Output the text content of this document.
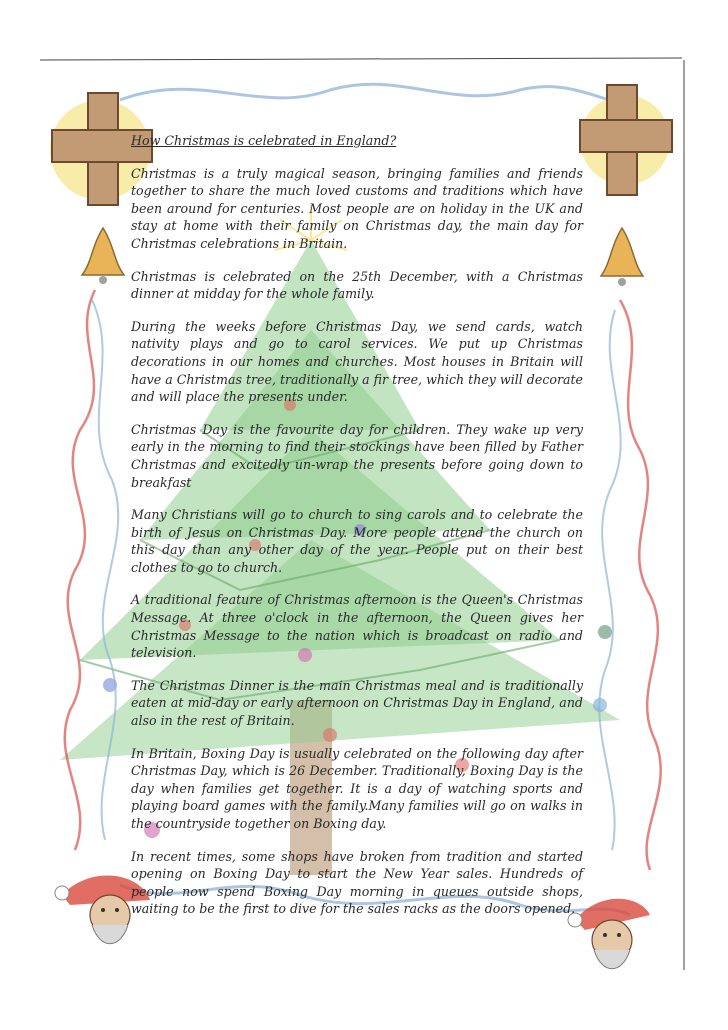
How Christmas is celebrated in England?

Christmas is a truly magical season, bringing families and friends together to share the much loved customs and traditions which have been around for centuries. Most people are on holiday in the UK and stay at home with their family on Christmas day, the main day for Christmas celebrations in Britain.

Christmas is celebrated on the 25th December, with a Christmas dinner at midday for the whole family.

During the weeks before Christmas Day, we send cards, watch nativity plays and go to carol services. We put up Christmas decorations in our homes and churches. Most houses in Britain will have a Christmas tree, traditionally a fir tree, which they will decorate and will place the presents under.

Christmas Day is the favourite day for children. They wake up very early in the morning to find their stockings have been filled by Father Christmas and excitedly un-wrap the presents before going down to breakfast

Many Christians will go to church to sing carols and to celebrate the birth of Jesus on Christmas Day. More people attend the church on this day than any other day of the year. People put on their best clothes to go to church.

A traditional feature of Christmas afternoon is the Queen's Christmas Message. At three o'clock in the afternoon, the Queen gives her Christmas Message to the nation which is broadcast on radio and television.

The Christmas Dinner is the main Christmas meal and is traditionally eaten at mid-day or early afternoon on Christmas Day in England, and also in the rest of Britain.

In Britain, Boxing Day is usually celebrated on the following day after Christmas Day, which is 26 December. Traditionally, Boxing Day is the day when families get together. It is a day of watching sports and playing board games with the family.Many families will go on walks in the countryside together on Boxing day.

In recent times, some shops have broken from tradition and started opening on Boxing Day to start the New Year sales. Hundreds of people now spend Boxing Day morning in queues outside shops, waiting to be the first to dive for the sales racks as the doors opened.
